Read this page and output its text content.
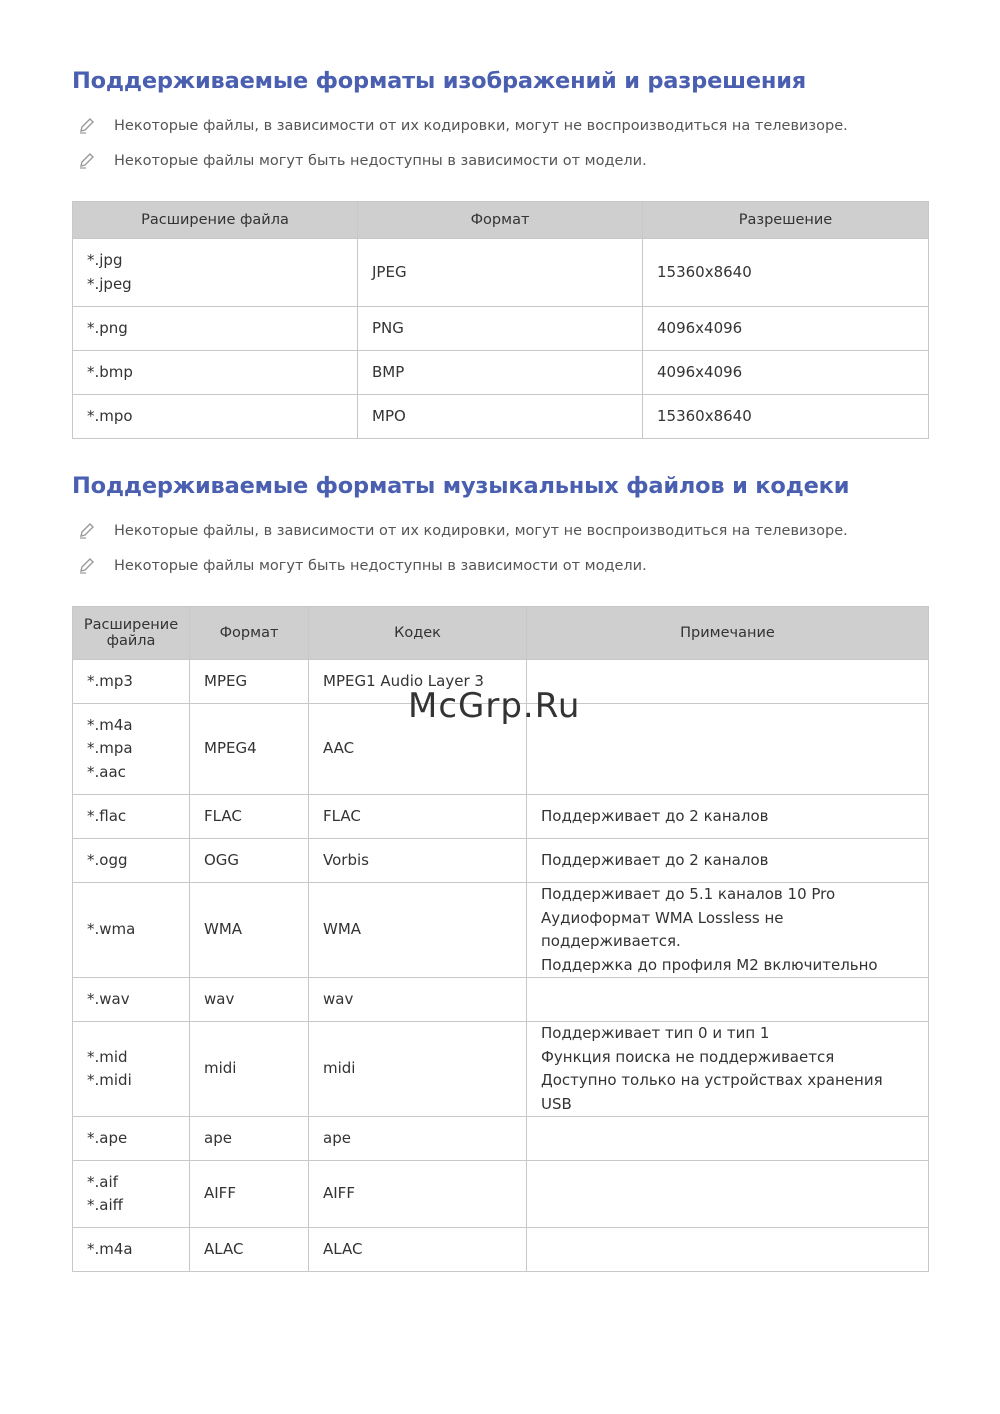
Поддерживаемые форматы изображений и разрешения
Некоторые файлы, в зависимости от их кодировки, могут не воспроизводиться на телевизоре.
Некоторые файлы могут быть недоступны в зависимости от модели.
Расширение файла	Формат	Разрешение

*.jpg
*.jpeg	JPEG	15360x8640
*.png	PNG	4096x4096
*.bmp	BMP	4096x4096
*.mpo	MPO	15360x8640
Поддерживаемые форматы музыкальных файлов и кодеки
Некоторые файлы, в зависимости от их кодировки, могут не воспроизводиться на телевизоре.
Некоторые файлы могут быть недоступны в зависимости от модели.
Расширение файла	Формат	Кодек	Примечание
*.mp3	MPEG	MPEG1 Audio Layer 3	

*.m4a
*.mpa
*.aac	MPEG4	AAC	
*.flac	FLAC	FLAC	Поддерживает до 2 каналов
*.ogg	OGG	Vorbis	Поддерживает до 2 каналов
*.wma	WMA	WMA	Поддерживает до 5.1 каналов 10 Pro
Аудиоформат WMA Lossless не поддерживается.
Поддержка до профиля M2 включительно

*.wav	wav	wav	

*.mid
*.midi	midi	midi	Поддерживает тип 0 и тип 1
Функция поиска не поддерживается
Доступно только на устройствах хранения USB

*.ape	ape	ape	

*.aif
*.aiff	AIFF	AIFF	
*.m4a	ALAC	ALAC	
McGrp.Ru
